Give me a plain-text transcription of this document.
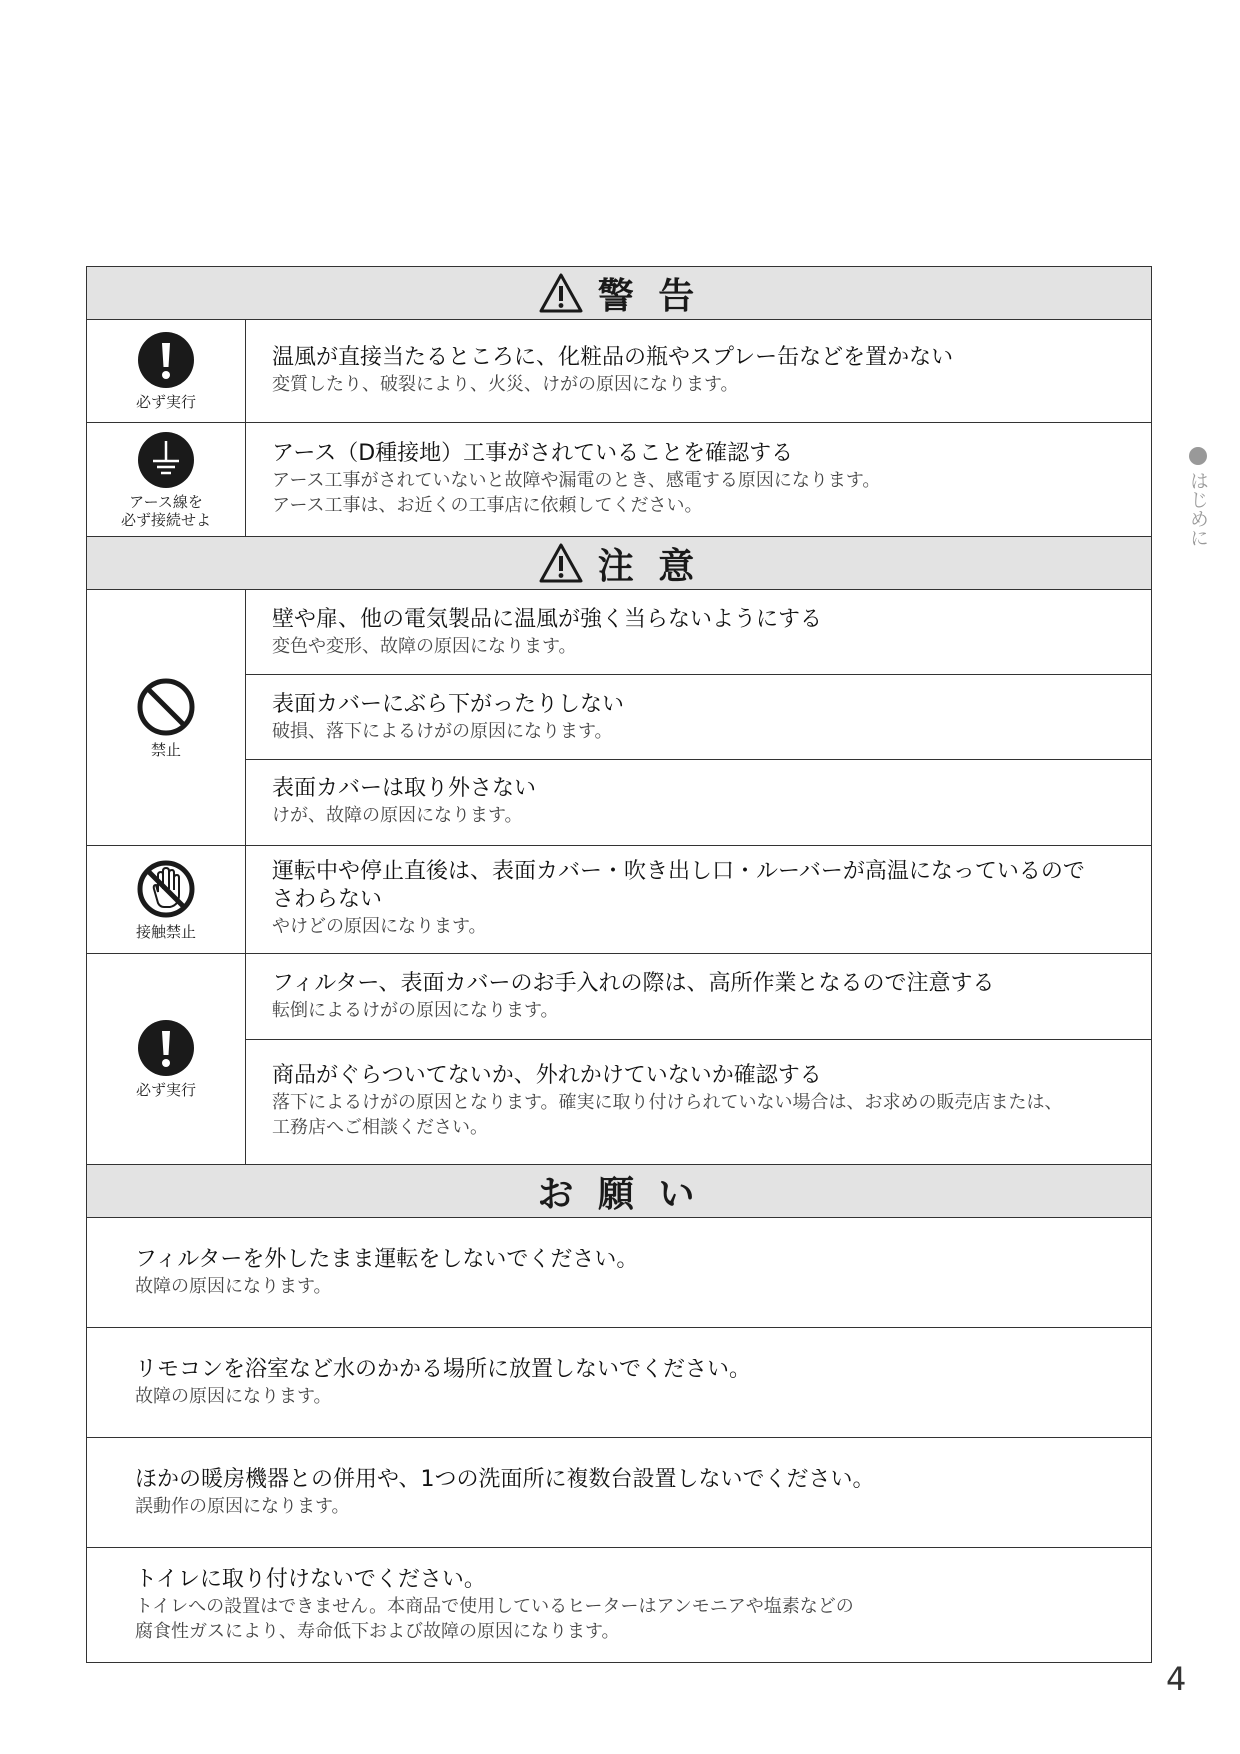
警 告
必ず実行
温風が直接当たるところに、化粧品の瓶やスプレー缶などを置かない
変質したり、破裂により、火災、けがの原因になります。
アース線を
必ず接続せよ
アース（D種接地）工事がされていることを確認する
アース工事がされていないと故障や漏電のとき、感電する原因になります。
アース工事は、お近くの工事店に依頼してください。
注 意
禁止
壁や扉、他の電気製品に温風が強く当らないようにする
変色や変形、故障の原因になります。
表面カバーにぶら下がったりしない
破損、落下によるけがの原因になります。
表面カバーは取り外さない
けが、故障の原因になります。
接触禁止
運転中や停止直後は、表面カバー・吹き出し口・ルーバーが高温になっているので
さわらない
やけどの原因になります。
必ず実行
フィルター、表面カバーのお手入れの際は、高所作業となるので注意する
転倒によるけがの原因になります。
商品がぐらついてないか、外れかけていないか確認する
落下によるけがの原因となります。確実に取り付けられていない場合は、お求めの販売店または、
工務店へご相談ください。
お 願 い
フィルターを外したまま運転をしないでください。
故障の原因になります。
リモコンを浴室など水のかかる場所に放置しないでください。
故障の原因になります。
ほかの暖房機器との併用や、1つの洗面所に複数台設置しないでください。
誤動作の原因になります。
トイレに取り付けないでください。
トイレへの設置はできません。本商品で使用しているヒーターはアンモニアや塩素などの
腐食性ガスにより、寿命低下および故障の原因になります。
はじめに
4
